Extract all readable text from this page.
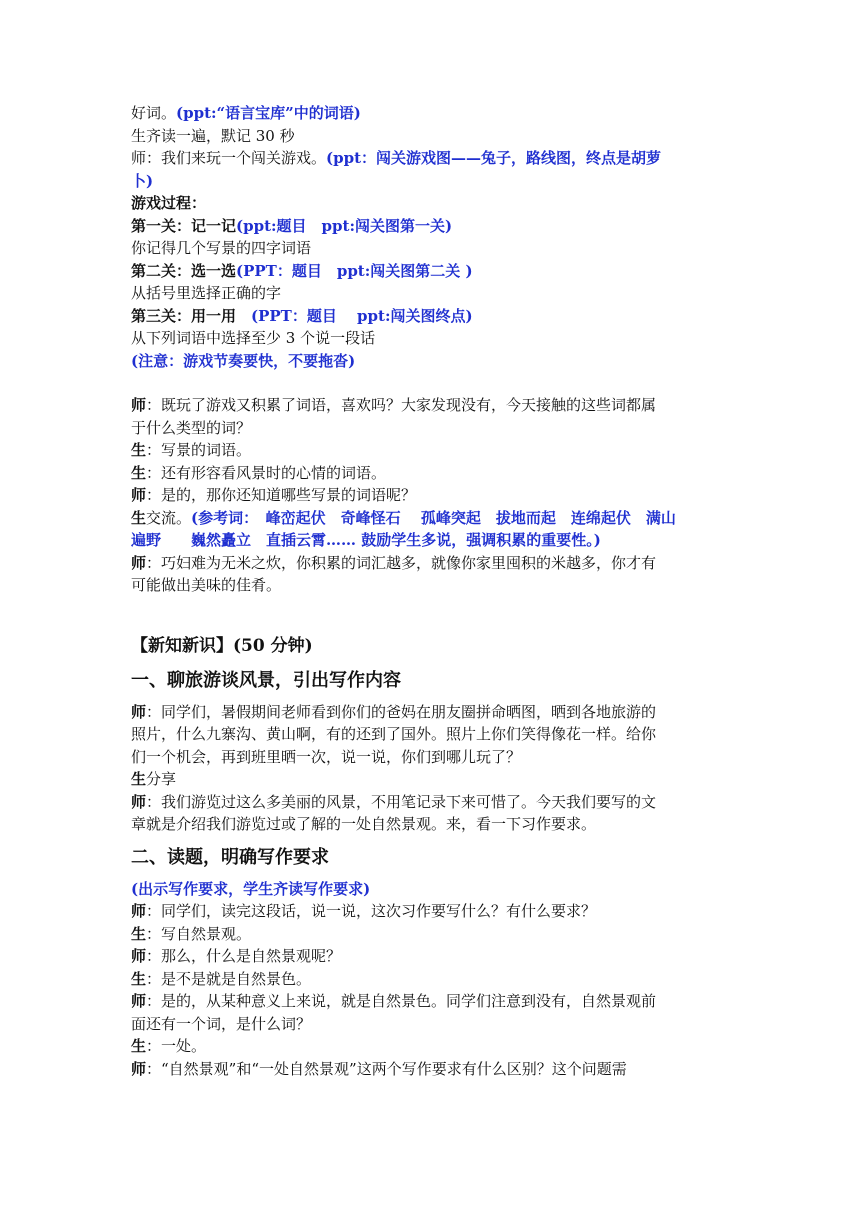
好词。(ppt:“语言宝库”中的词语)
生齐读一遍，默记 30 秒
师：我们来玩一个闯关游戏。(ppt：闯关游戏图——兔子，路线图，终点是胡萝
卜)
游戏过程：
第一关：记一记(ppt:题目　ppt:闯关图第一关)
你记得几个写景的四字词语
第二关：选一选(PPT：题目　ppt:闯关图第二关 )
从括号里选择正确的字
第三关：用一用　(PPT：题目　 ppt:闯关图终点)
从下列词语中选择至少 3 个说一段话
(注意：游戏节奏要快，不要拖沓)
师：既玩了游戏又积累了词语，喜欢吗？大家发现没有，今天接触的这些词都属
于什么类型的词？
生：写景的词语。
生：还有形容看风景时的心情的词语。
师：是的，那你还知道哪些写景的词语呢？
生交流。(参考词：　峰峦起伏　奇峰怪石　 孤峰突起　拔地而起　连绵起伏　满山
遍野　　巍然矗立　直插云霄…… 鼓励学生多说，强调积累的重要性。)
师：巧妇难为无米之炊，你积累的词汇越多，就像你家里囤积的米越多，你才有
可能做出美味的佳肴。
【新知新识】(50 分钟)
一、聊旅游谈风景，引出写作内容
师：同学们，暑假期间老师看到你们的爸妈在朋友圈拼命晒图，晒到各地旅游的
照片，什么九寨沟、黄山啊，有的还到了国外。照片上你们笑得像花一样。给你
们一个机会，再到班里晒一次，说一说，你们到哪儿玩了？
生分享
师：我们游览过这么多美丽的风景，不用笔记录下来可惜了。今天我们要写的文
章就是介绍我们游览过或了解的一处自然景观。来，看一下习作要求。
二、读题，明确写作要求
(出示写作要求，学生齐读写作要求)
师：同学们，读完这段话，说一说，这次习作要写什么？有什么要求？
生：写自然景观。
师：那么，什么是自然景观呢？
生：是不是就是自然景色。
师：是的，从某种意义上来说，就是自然景色。同学们注意到没有，自然景观前
面还有一个词，是什么词？
生：一处。
师：“自然景观”和“一处自然景观”这两个写作要求有什么区别？这个问题需
